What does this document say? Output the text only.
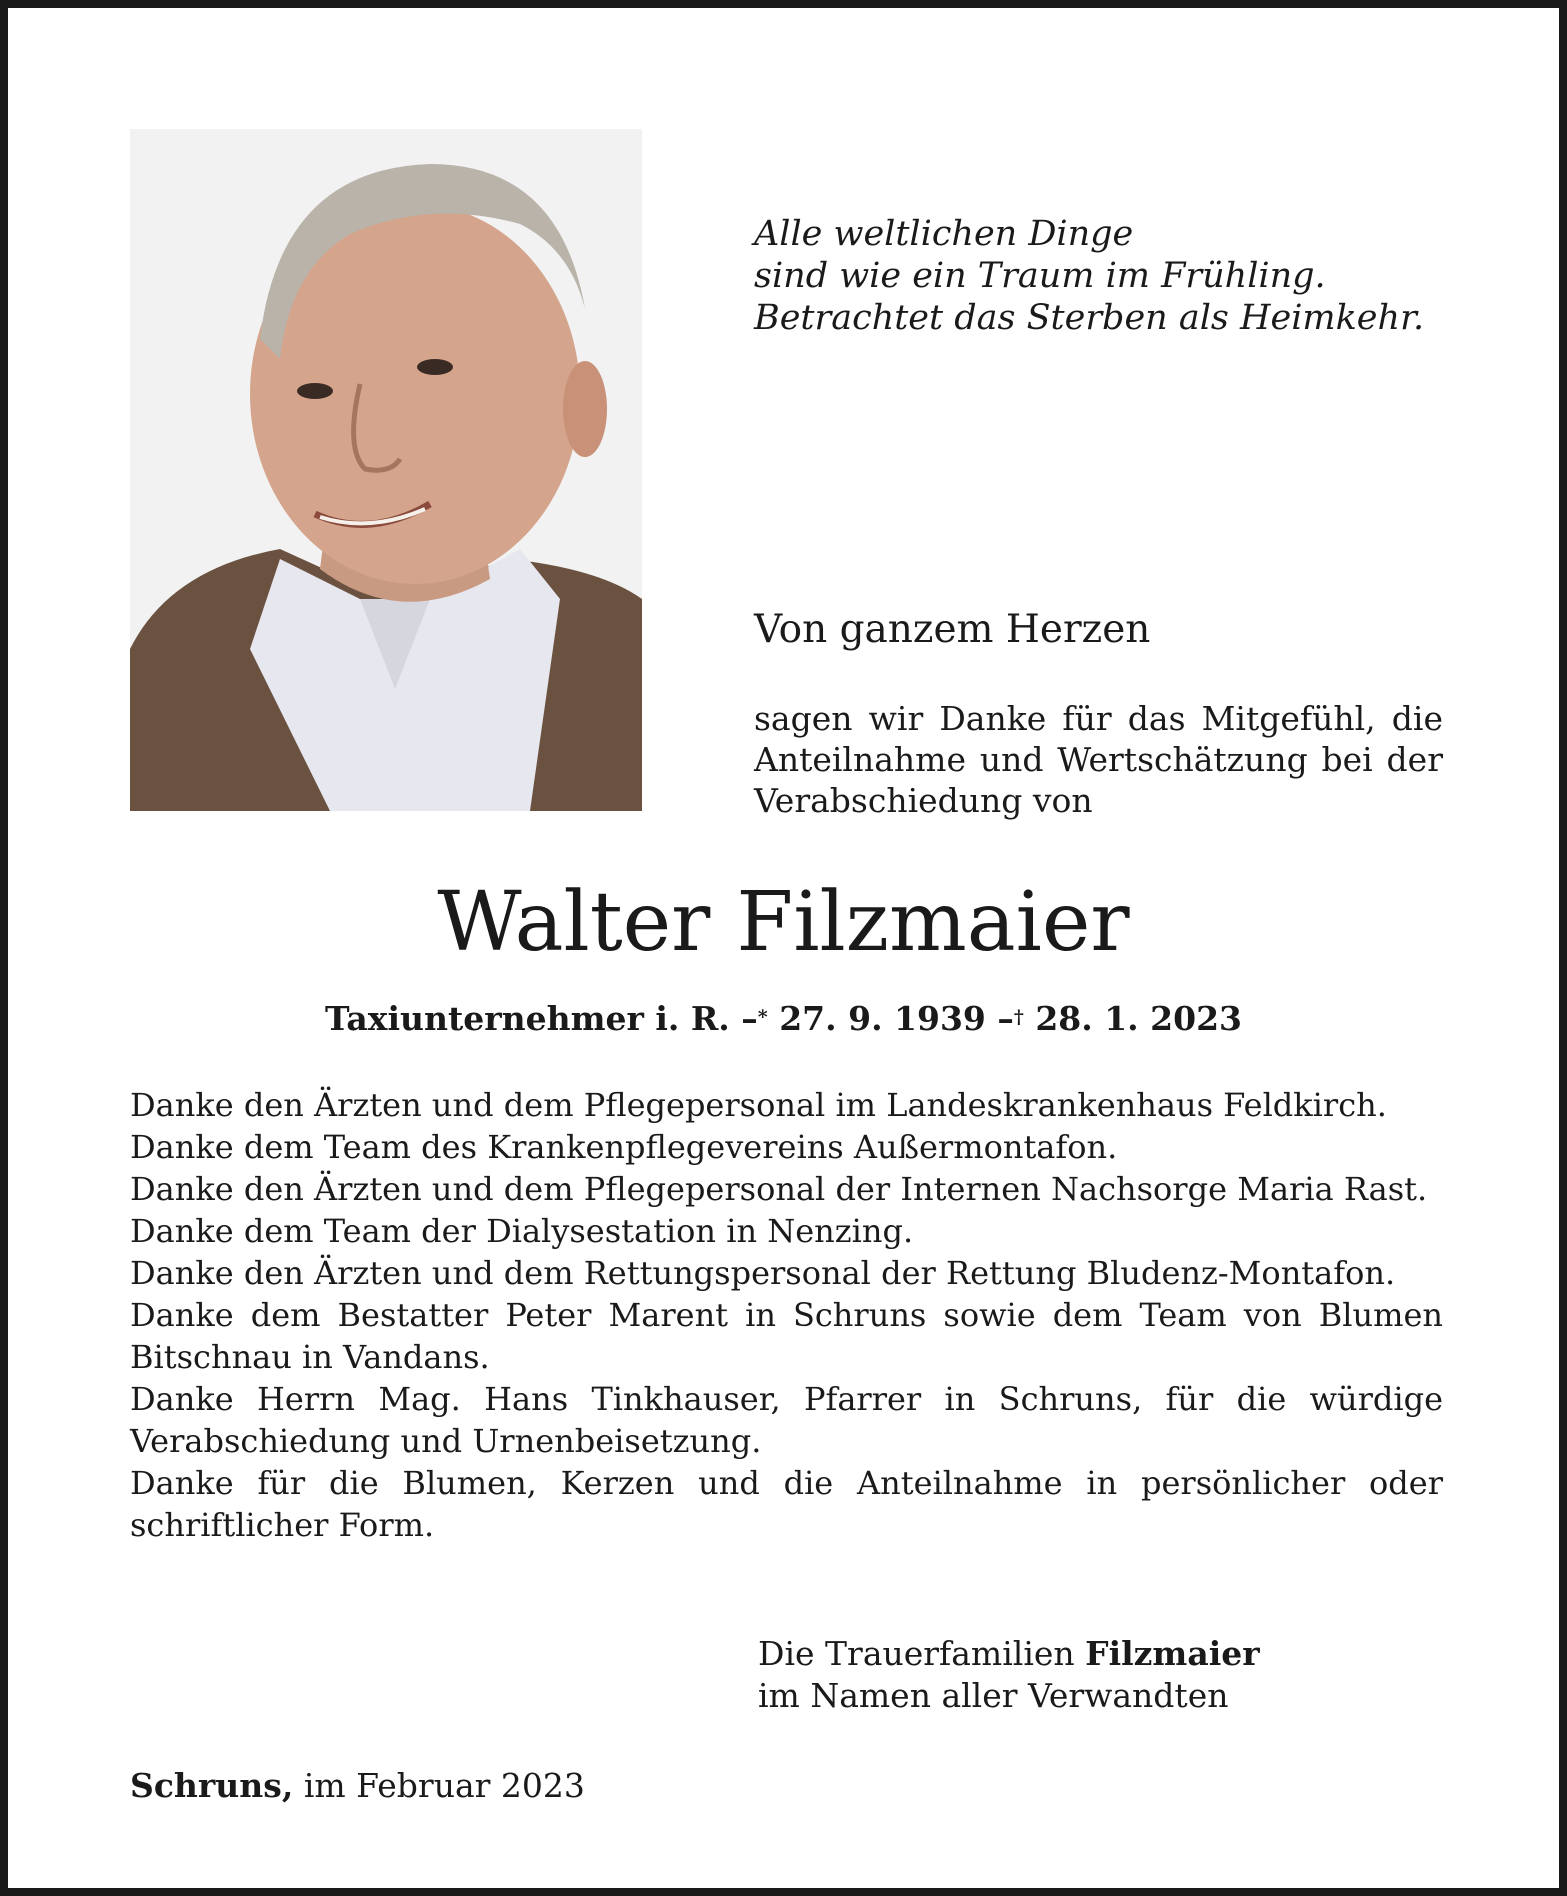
Alle weltlichen Dinge
sind wie ein Traum im Frühling.
Betrachtet das Sterben als Heimkehr.
Von ganzem Herzen
sagen wir Danke für das Mitgefühl, die Anteilnahme und Wertschätzung bei der Verabschiedung von
Walter Filzmaier
Taxiunternehmer i. R. –* 27. 9. 1939 –† 28. 1. 2023

Danke den Ärzten und dem Pflegepersonal im Landeskrankenhaus Feldkirch.

Danke dem Team des Krankenpflegevereins Außermontafon.

Danke den Ärzten und dem Pflegepersonal der Internen Nachsorge Maria Rast.

Danke dem Team der Dialysestation in Nenzing.

Danke den Ärzten und dem Rettungspersonal der Rettung Bludenz-Montafon.

Danke dem Bestatter Peter Marent in Schruns sowie dem Team von Blumen Bitschnau in Vandans.

Danke Herrn Mag. Hans Tinkhauser, Pfarrer in Schruns, für die würdige Verabschiedung und Urnenbeisetzung.

Danke für die Blumen, Kerzen und die Anteilnahme in persönlicher oder schriftlicher Form.

Die Trauerfamilien Filzmaier
im Namen aller Verwandten
Schruns, im Februar 2023
